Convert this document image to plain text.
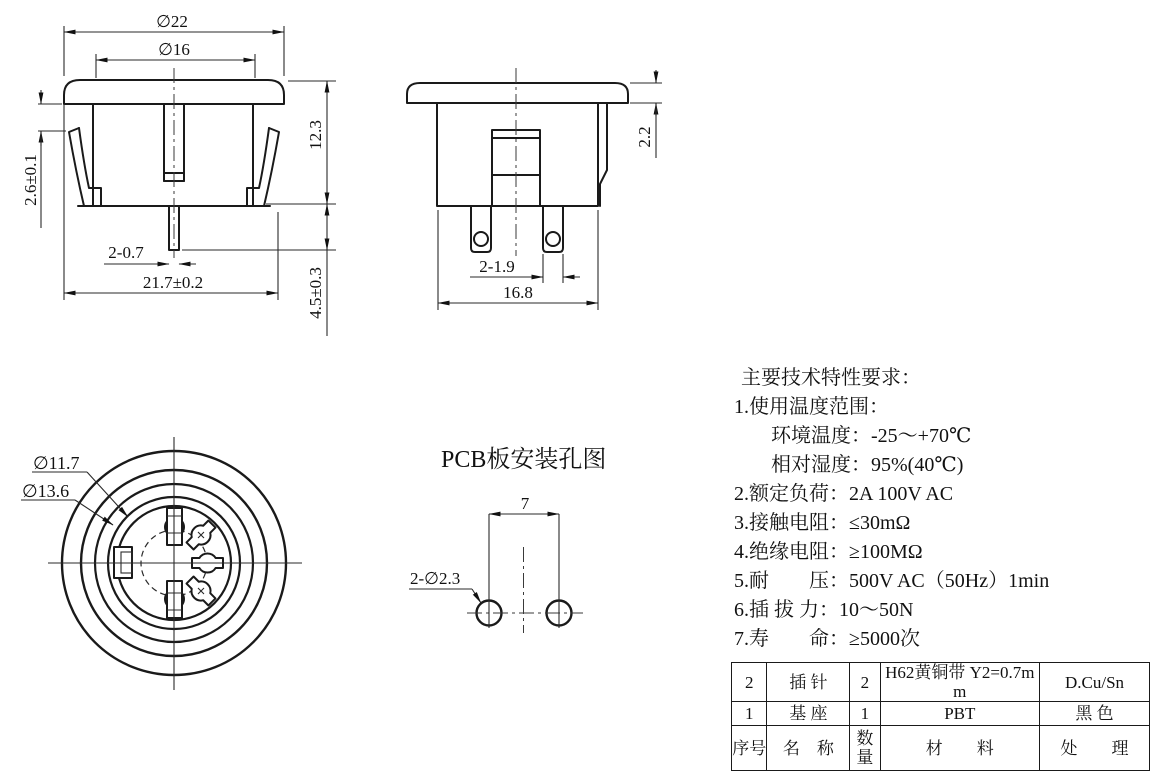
∅22
∅16
12.3
2.6±0.1
2-0.7
21.7±0.2	4.5±0.3
2.2
2-1.9
16.8
∅11.7
∅13.6
PCB板安装孔图
7
2-∅2.3
主要技术特性要求：
1.使用温度范围：
环境温度：-25～+70℃
相对湿度：95%(40℃)
2.额定负荷：2A 100V AC
3.接触电阻：≤30mΩ
4.绝缘电阻：≥100MΩ
5.耐　　压：500V AC（50Hz）1min
6.插 拔 力：10～50N
7.寿　　命：≥5000次
2	插 针	2	H62黄铜带 Y2=0.7mm	D.Cu/Sn
1	基 座	1	PBT	黑 色
序号	名　称	数量	材　　料	处　　理
